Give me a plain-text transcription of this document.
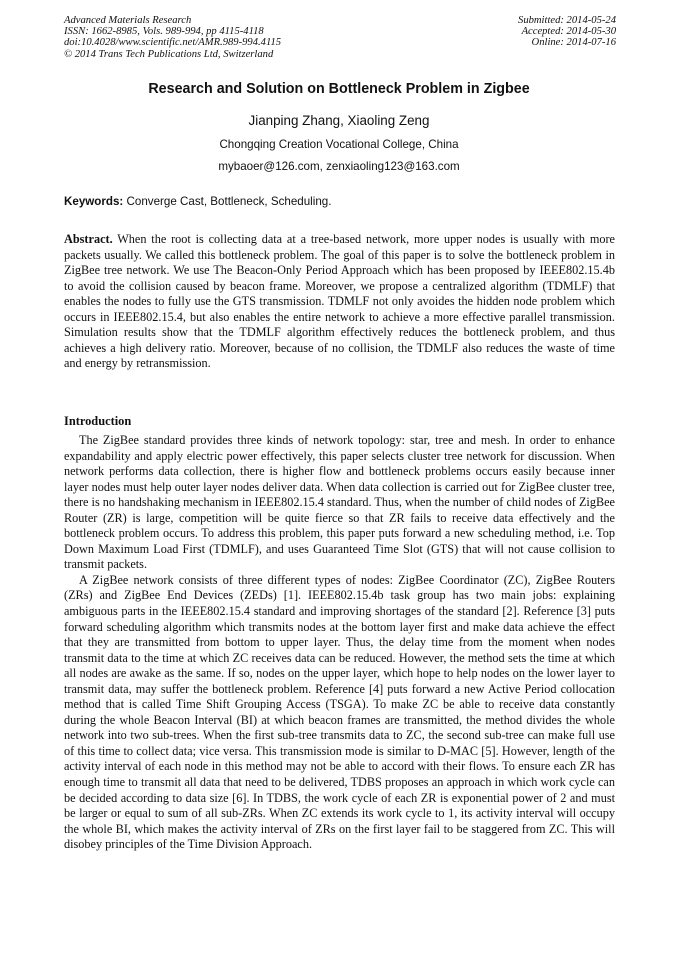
Advanced Materials Research
ISSN: 1662-8985, Vols. 989-994, pp 4115-4118
doi:10.4028/www.scientific.net/AMR.989-994.4115
© 2014 Trans Tech Publications Ltd, Switzerland
Submitted: 2014-05-24
Accepted: 2014-05-30
Online: 2014-07-16
Research and Solution on Bottleneck Problem in Zigbee
Jianping Zhang, Xiaoling Zeng
Chongqing Creation Vocational College, China
mybaoer@126.com, zenxiaoling123@163.com
Keywords: Converge Cast, Bottleneck, Scheduling.
Abstract. When the root is collecting data at a tree-based network, more upper nodes is usually with more packets usually. We called this bottleneck problem. The goal of this paper is to solve the bottleneck problem in ZigBee tree network. We use The Beacon-Only Period Approach which has been proposed by IEEE802.15.4b to avoid the collision caused by beacon frame. Moreover, we propose a centralized algorithm (TDMLF) that enables the nodes to fully use the GTS transmission. TDMLF not only avoides the hidden node problem which occurs in IEEE802.15.4, but also enables the entire network to achieve a more effective parallel transmission. Simulation results show that the TDMLF algorithm effectively reduces the bottleneck problem, and thus achieves a high delivery ratio. Moreover, because of no collision, the TDMLF also reduces the waste of time and energy by retransmission.
Introduction

The ZigBee standard provides three kinds of network topology: star, tree and mesh. In order to enhance expandability and apply electric power effectively, this paper selects cluster tree network for discussion. When network performs data collection, there is higher flow and bottleneck problems occurs easily because inner layer nodes must help outer layer nodes deliver data. When data collection is carried out for ZigBee cluster tree, there is no handshaking mechanism in IEEE802.15.4 standard. Thus, when the number of child nodes of ZigBee Router (ZR) is large, competition will be quite fierce so that ZR fails to receive data effectively and the bottleneck problem occurs. To address this problem, this paper puts forward a new scheduling method, i.e. Top Down Maximum Load First (TDMLF), and uses Guaranteed Time Slot (GTS) that will not cause collision to transmit packets.

A ZigBee network consists of three different types of nodes: ZigBee Coordinator (ZC), ZigBee Routers (ZRs) and ZigBee End Devices (ZEDs) [1]. IEEE802.15.4b task group has two main jobs: explaining ambiguous parts in the IEEE802.15.4 standard and improving shortages of the standard [2]. Reference [3] puts forward scheduling algorithm which transmits nodes at the bottom layer first and make data achieve the effect that they are transmitted from bottom to upper layer. Thus, the delay time from the moment when nodes transmit data to the time at which ZC receives data can be reduced. However, the method sets the time at which all nodes are awake as the same. If so, nodes on the upper layer, which hope to help nodes on the lower layer to transmit data, may suffer the bottleneck problem. Reference [4] puts forward a new Active Period collocation method that is called Time Shift Grouping Access (TSGA). To make ZC be able to receive data constantly during the whole Beacon Interval (BI) at which beacon frames are transmitted, the method divides the whole network into two sub-trees. When the first sub-tree transmits data to ZC, the second sub-tree can make full use of this time to collect data; vice versa. This transmission mode is similar to D-MAC [5]. However, length of the activity interval of each node in this method may not be able to accord with their flows. To ensure each ZR has enough time to transmit all data that need to be delivered, TDBS proposes an approach in which work cycle can be decided according to data size [6]. In TDBS, the work cycle of each ZR is exponential power of 2 and must be larger or equal to sum of all sub-ZRs. When ZC extends its work cycle to 1, its activity interval will occupy the whole BI, which makes the activity interval of ZRs on the first layer fail to be staggered from ZC. This will disobey principles of the Time Division Approach.
